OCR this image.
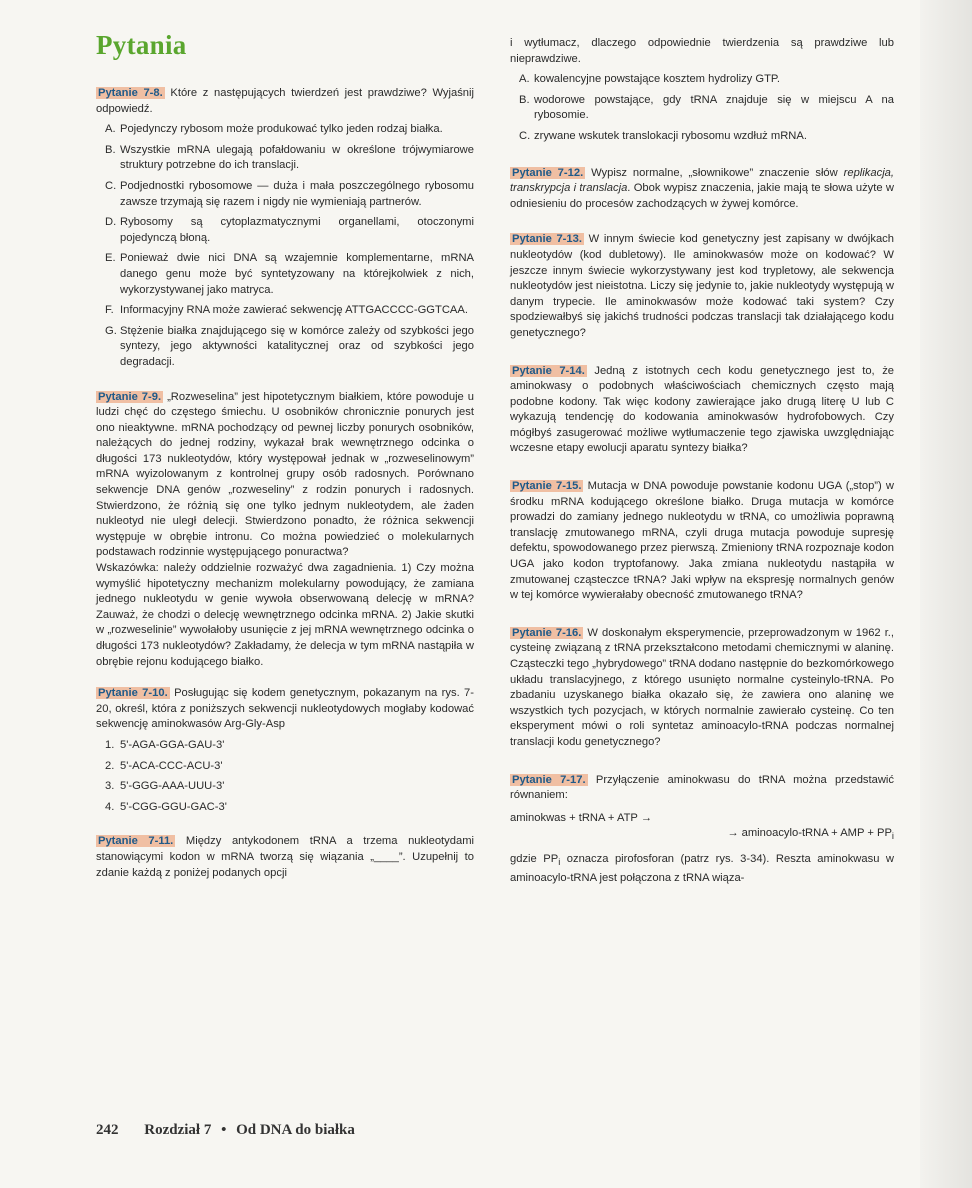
Pytania

Pytanie 7-8. Które z następujących twierdzeń jest prawdziwe? Wyjaśnij odpowiedź.

A. Pojedynczy rybosom może produkować tylko jeden rodzaj białka.
B. Wszystkie mRNA ulegają pofałdowaniu w określone trójwymiarowe struktury potrzebne do ich translacji.
C. Podjednostki rybosomowe — duża i mała poszczególnego rybosomu zawsze trzymają się razem i nigdy nie wymieniają partnerów.
D. Rybosomy są cytoplazmatycznymi organellami, otoczonymi pojedynczą błoną.
E. Ponieważ dwie nici DNA są wzajemnie komplementarne, mRNA danego genu może być syntetyzowany na którejkolwiek z nich, wykorzystywanej jako matryca.
F. Informacyjny RNA może zawierać sekwencję ATTGACCCC-GGTCAA.
G. Stężenie białka znajdującego się w komórce zależy od szybkości jego syntezy, jego aktywności katalitycznej oraz od szybkości jego degradacji.

Pytanie 7-9. „Rozweselina” jest hipotetycznym białkiem, które powoduje u ludzi chęć do częstego śmiechu. U osobników chronicznie ponurych jest ono nieaktywne. mRNA pochodzący od pewnej liczby ponurych osobników, należących do jednej rodziny, wykazał brak wewnętrznego odcinka o długości 173 nukleotydów, który występował jednak w „rozweselinowym” mRNA wyizolowanym z kontrolnej grupy osób radosnych. Porównano sekwencje DNA genów „rozweseliny” z rodzin ponurych i radosnych. Stwierdzono, że różnią się one tylko jednym nukleotydem, ale żaden nukleotyd nie uległ delecji. Stwierdzono ponadto, że różnica sekwencji występuje w obrębie intronu. Co można powiedzieć o molekularnych podstawach rodzinnie występującego ponuractwa?

Wskazówka: należy oddzielnie rozważyć dwa zagadnienia. 1) Czy można wymyślić hipotetyczny mechanizm molekularny powodujący, że zamiana jednego nukleotydu w genie wywoła obserwowaną delecję w mRNA? Zauważ, że chodzi o delecję wewnętrznego odcinka mRNA. 2) Jakie skutki w „rozweselinie” wywołałoby usunięcie z jej mRNA wewnętrznego odcinka o długości 173 nukleotydów? Zakładamy, że delecja w tym mRNA nastąpiła w obrębie rejonu kodującego białko.

Pytanie 7-10. Posługując się kodem genetycznym, pokazanym na rys. 7-20, określ, która z poniższych sekwencji nukleotydowych mogłaby kodować sekwencję aminokwasów Arg-Gly-Asp

1. 5'-AGA-GGA-GAU-3'
2. 5'-ACA-CCC-ACU-3'
3. 5'-GGG-AAA-UUU-3'
4. 5'-CGG-GGU-GAC-3'

Pytanie 7-11. Między antykodonem tRNA a trzema nukleotydami stanowiącymi kodon w mRNA tworzą się wiązania „____”. Uzupełnij to zdanie każdą z poniżej podanych opcji

i wytłumacz, dlaczego odpowiednie twierdzenia są prawdziwe lub nieprawdziwe.

A. kowalencyjne powstające kosztem hydrolizy GTP.
B. wodorowe powstające, gdy tRNA znajduje się w miejscu A na rybosomie.
C. zrywane wskutek translokacji rybosomu wzdłuż mRNA.

Pytanie 7-12. Wypisz normalne, „słownikowe” znaczenie słów replikacja, transkrypcja i translacja. Obok wypisz znaczenia, jakie mają te słowa użyte w odniesieniu do procesów zachodzących w żywej komórce.

Pytanie 7-13. W innym świecie kod genetyczny jest zapisany w dwójkach nukleotydów (kod dubletowy). Ile aminokwasów może on kodować? W jeszcze innym świecie wykorzystywany jest kod trypletowy, ale sekwencja nukleotydów jest nieistotna. Liczy się jedynie to, jakie nukleotydy występują w danym trypecie. Ile aminokwasów może kodować taki system? Czy spodziewałbyś się jakichś trudności podczas translacji tak działającego kodu genetycznego?

Pytanie 7-14. Jedną z istotnych cech kodu genetycznego jest to, że aminokwasy o podobnych właściwościach chemicznych często mają podobne kodony. Tak więc kodony zawierające jako drugą literę U lub C wykazują tendencję do kodowania aminokwasów hydrofobowych. Czy mógłbyś zasugerować możliwe wytłumaczenie tego zjawiska uwzględniając wczesne etapy ewolucji aparatu syntezy białka?

Pytanie 7-15. Mutacja w DNA powoduje powstanie kodonu UGA („stop”) w środku mRNA kodującego określone białko. Druga mutacja w komórce prowadzi do zamiany jednego nukleotydu w tRNA, co umożliwia poprawną translację zmutowanego mRNA, czyli druga mutacja powoduje supresję defektu, spowodowanego przez pierwszą. Zmieniony tRNA rozpoznaje kodon UGA jako kodon tryptofanowy. Jaka zmiana nukleotydu nastąpiła w zmutowanej cząsteczce tRNA? Jaki wpływ na ekspresję normalnych genów w tej komórce wywierałaby obecność zmutowanego tRNA?

Pytanie 7-16. W doskonałym eksperymencie, przeprowadzonym w 1962 r., cysteinę związaną z tRNA przekształcono metodami chemicznymi w alaninę. Cząsteczki tego „hybrydowego” tRNA dodano następnie do bezkomórkowego układu translacyjnego, z którego usunięto normalne cysteinylo-tRNA. Po zbadaniu uzyskanego białka okazało się, że zawiera ono alaninę we wszystkich tych pozycjach, w których normalnie zawierało cysteinę. Co ten eksperyment mówi o roli syntetaz aminoacylo-tRNA podczas normalnej translacji kodu genetycznego?

Pytanie 7-17. Przyłączenie aminokwasu do tRNA można przedstawić równaniem:

aminokwas + tRNA + ATP →

→ aminoacylo-tRNA + AMP + $PP_i$

gdzie $PP_i$ oznacza pirofosforan (patrz rys. 3-34). Reszta aminokwasu w aminoacylo-tRNA jest połączona z tRNA wiąza-

242 Rozdział 7 • Od DNA do białka
